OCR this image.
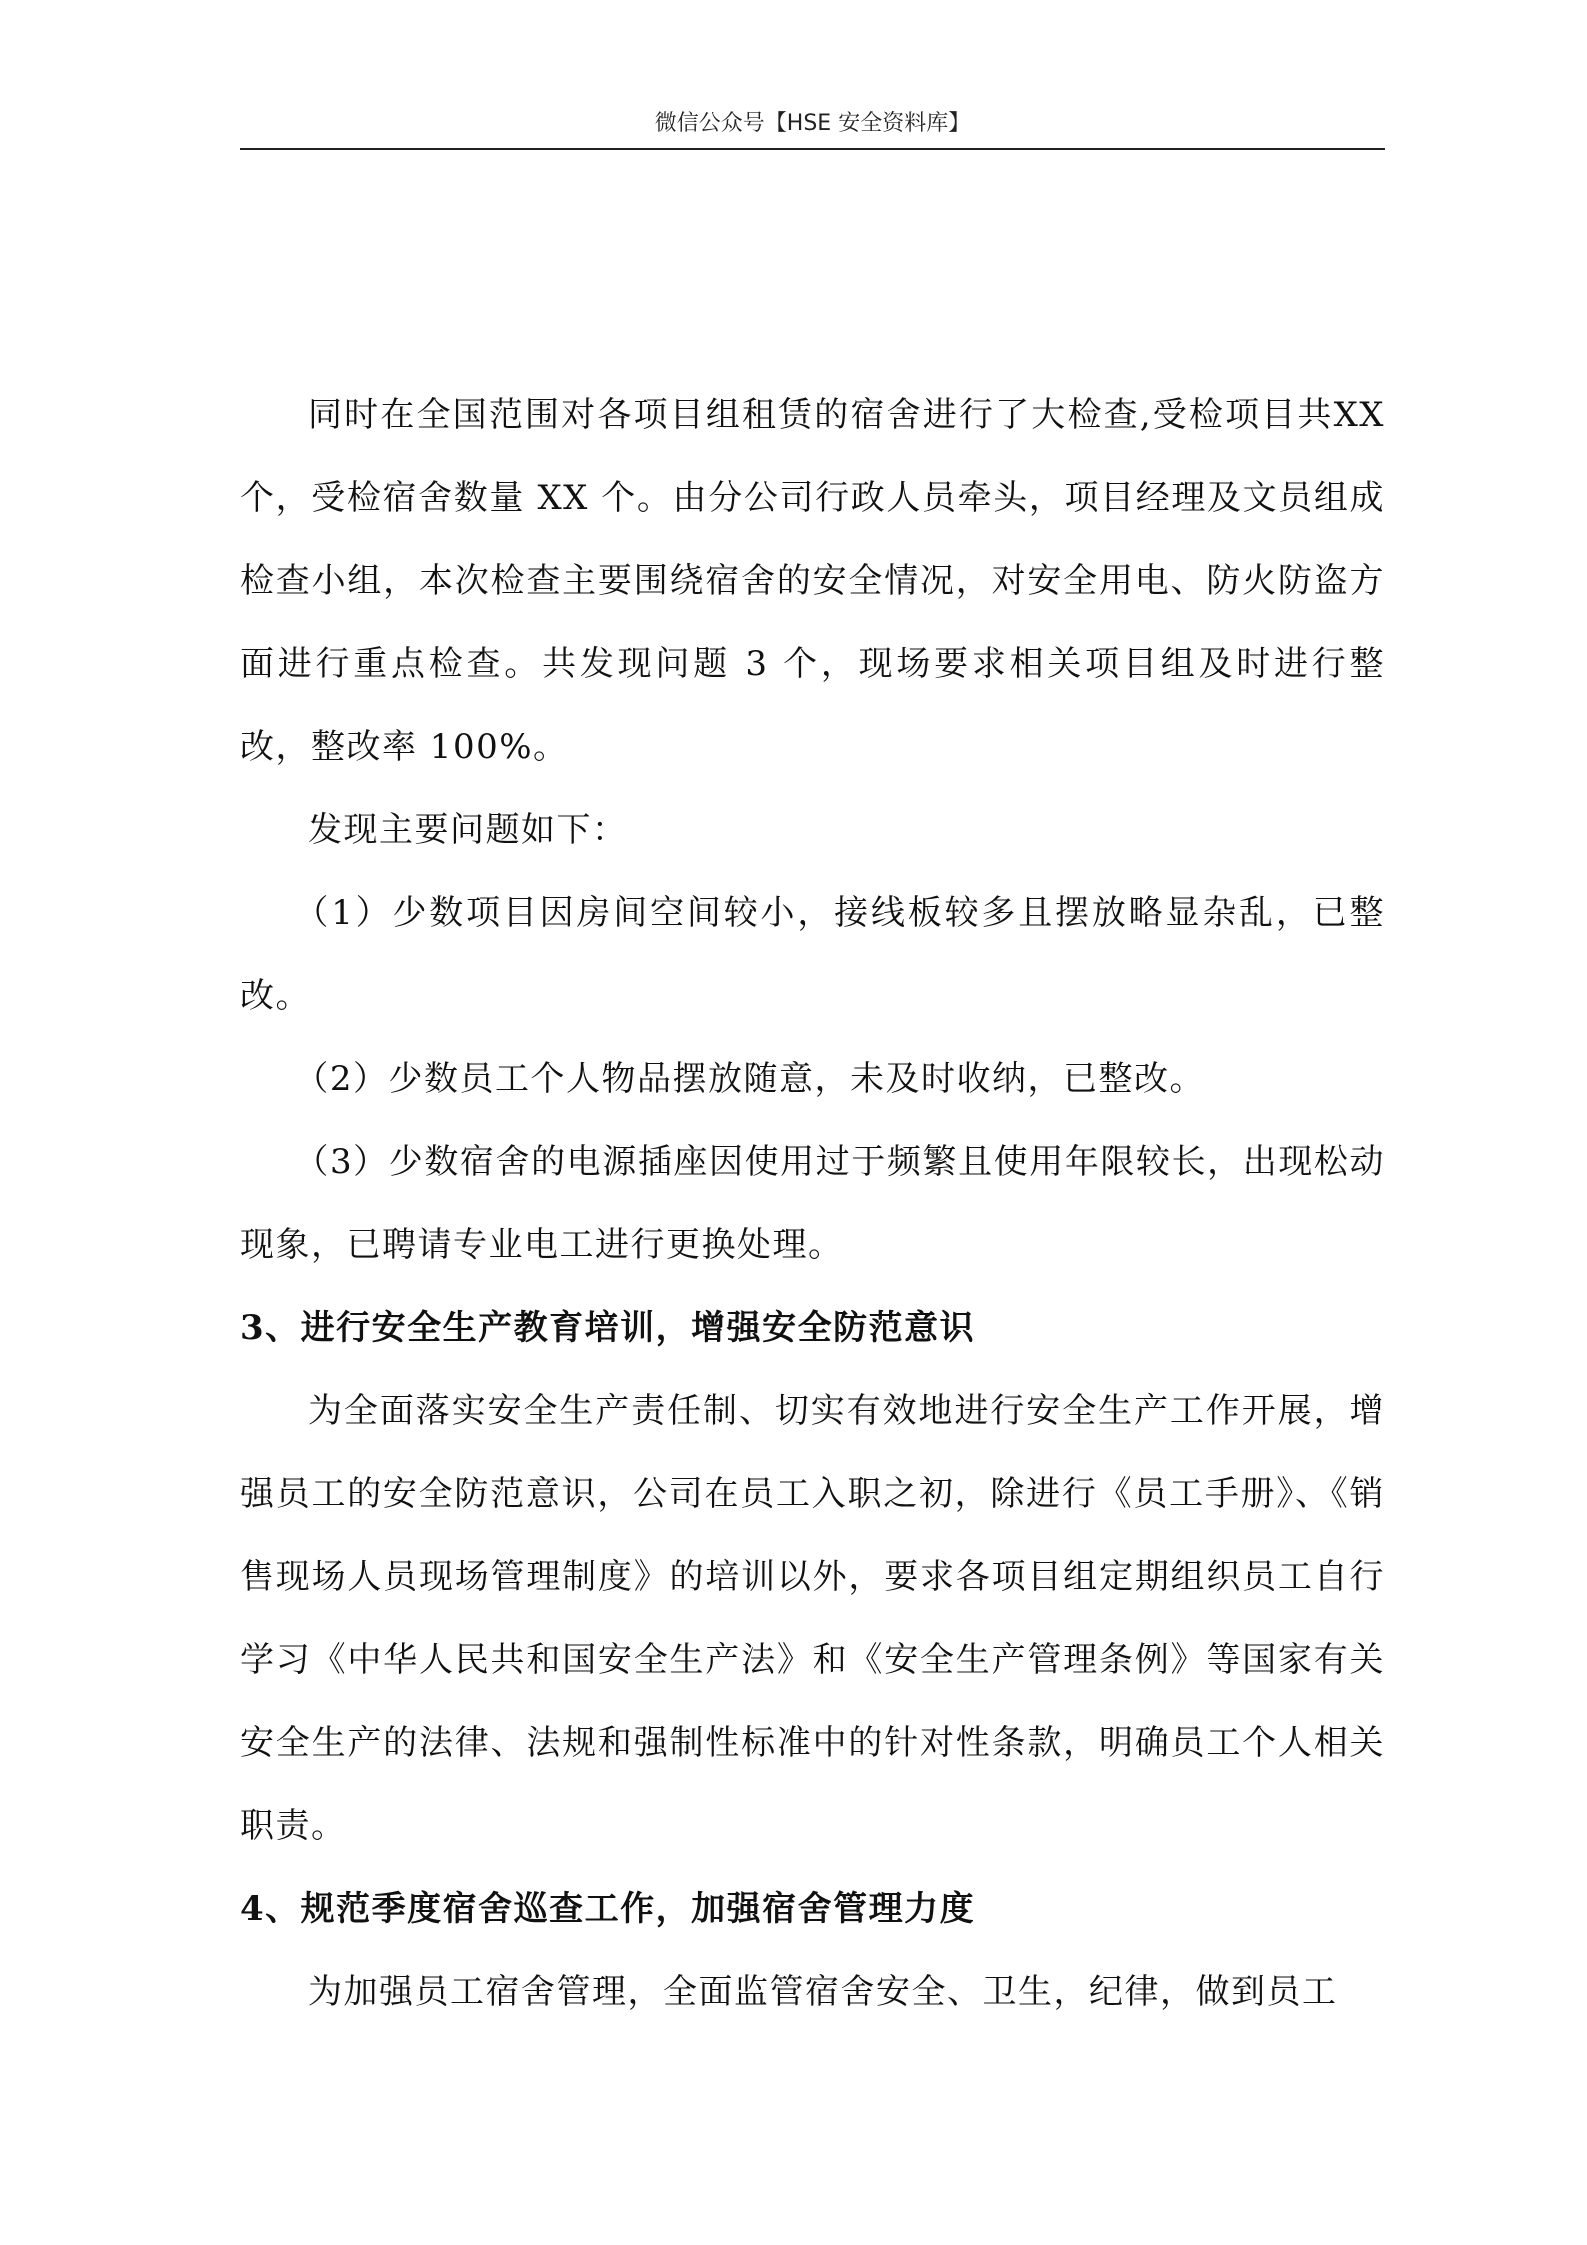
微信公众号【HSE 安全资料库】

同时在全国范围对各项目组租赁的宿舍进行了大检查,受检项目共XX 个，受检宿舍数量 XX 个。由分公司行政人员牵头，项目经理及文员组成检查小组，本次检查主要围绕宿舍的安全情况，对安全用电、防火防盗方面进行重点检查。共发现问题 3 个，现场要求相关项目组及时进行整改，整改率 100%。

发现主要问题如下：

（1）少数项目因房间空间较小，接线板较多且摆放略显杂乱，已整改。

（2）少数员工个人物品摆放随意，未及时收纳，已整改。

（3）少数宿舍的电源插座因使用过于频繁且使用年限较长，出现松动现象，已聘请专业电工进行更换处理。

3、进行安全生产教育培训，增强安全防范意识

为全面落实安全生产责任制、切实有效地进行安全生产工作开展，增强员工的安全防范意识，公司在员工入职之初，除进行《员工手册》、《销售现场人员现场管理制度》的培训以外，要求各项目组定期组织员工自行学习《中华人民共和国安全生产法》和《安全生产管理条例》等国家有关安全生产的法律、法规和强制性标准中的针对性条款，明确员工个人相关职责。

4、规范季度宿舍巡查工作，加强宿舍管理力度

为加强员工宿舍管理，全面监管宿舍安全、卫生，纪律，做到员工
